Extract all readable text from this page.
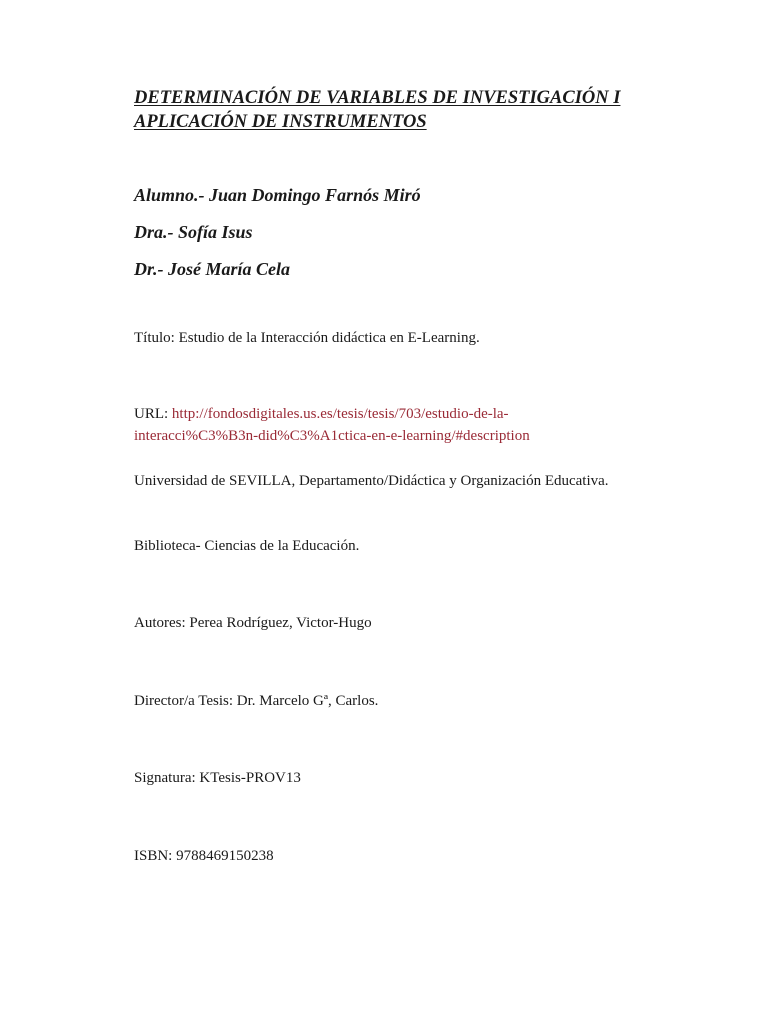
DETERMINACIÓN DE VARIABLES DE INVESTIGACIÓN I
APLICACIÓN DE INSTRUMENTOS

Alumno.- Juan Domingo Farnós Miró

Dra.- Sofía Isus

Dr.- José María Cela

Título: Estudio de la Interacción didáctica en E-Learning.

URL: http://fondosdigitales.us.es/tesis/tesis/703/estudio-de-la-
interacci%C3%B3n-did%C3%A1ctica-en-e-learning/#description

Universidad de SEVILLA, Departamento/Didáctica y Organización Educativa.

Biblioteca- Ciencias de la Educación.

Autores: Perea Rodríguez, Victor-Hugo

Director/a Tesis: Dr. Marcelo Gª, Carlos.

Signatura: KTesis-PROV13

ISBN: 9788469150238
